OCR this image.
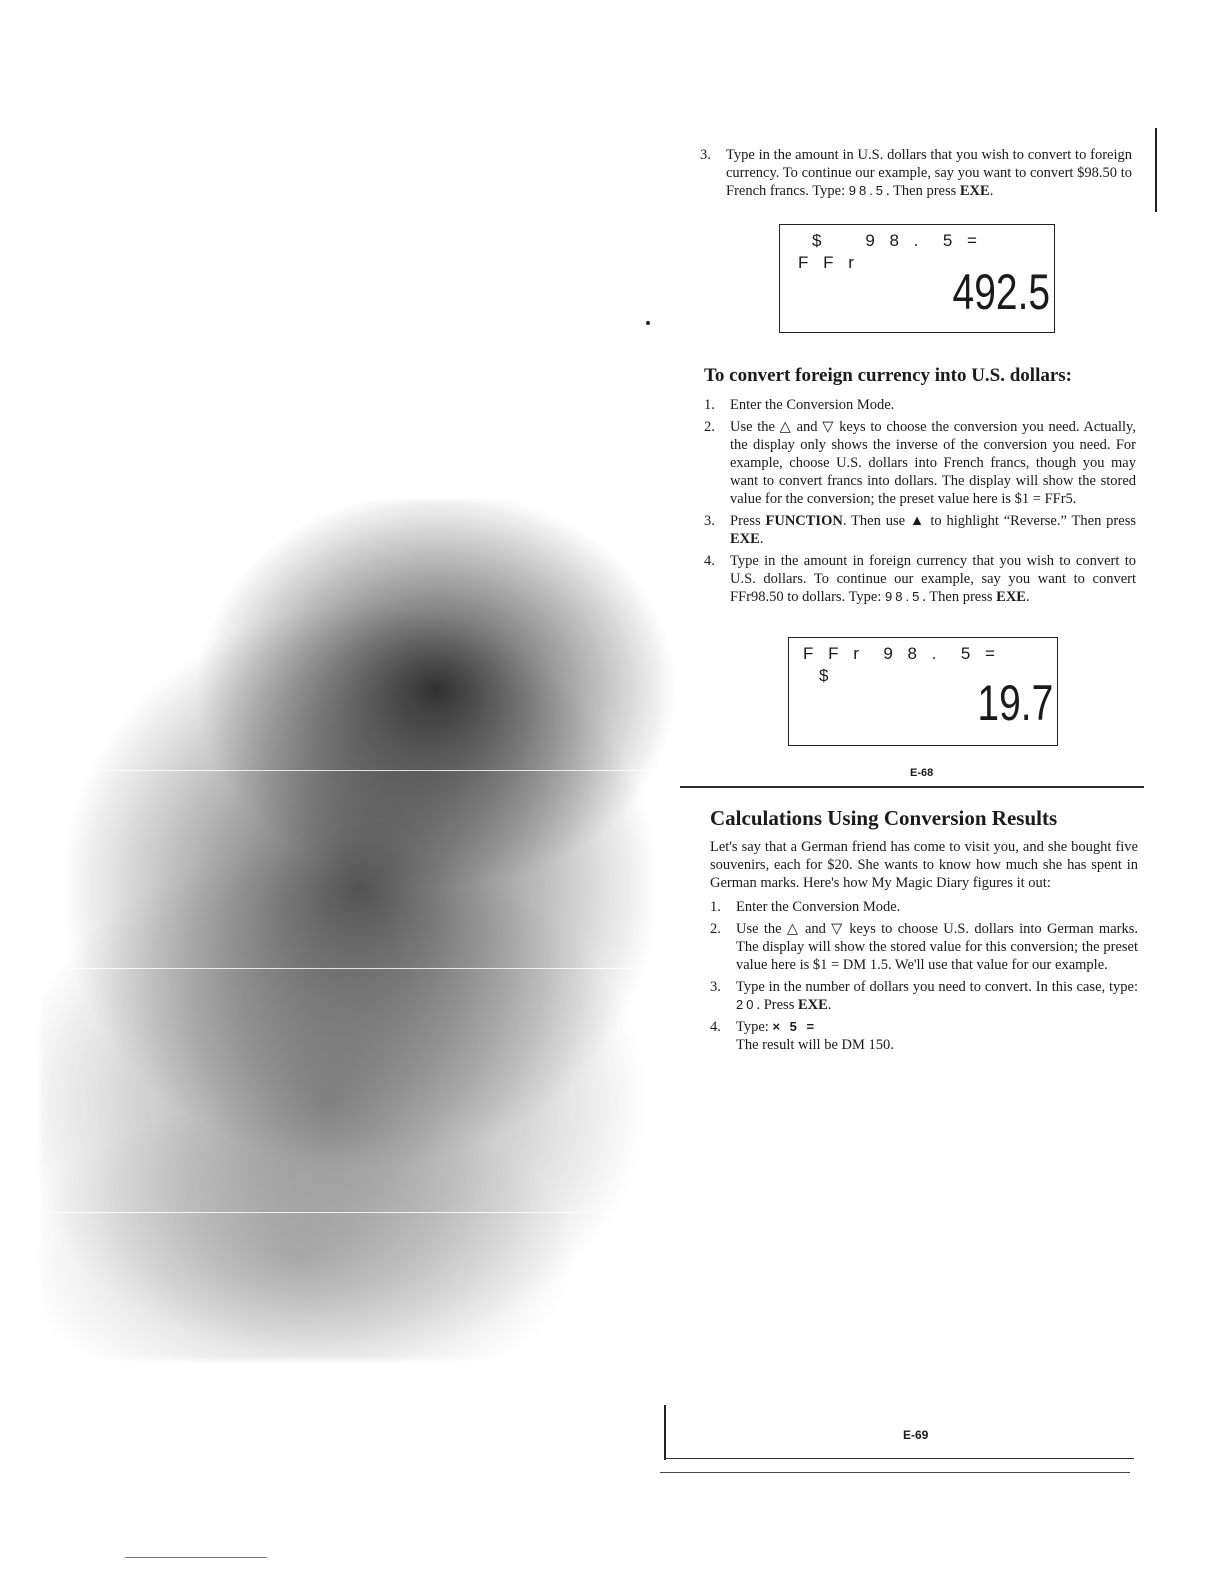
3. Type in the amount in U.S. dollars that you wish to convert to foreign currency. To continue our example, say you want to convert $98.50 to French francs. Type: 98.5. Then press EXE.
$    9 8 .  5 =
F F r
492.5
To convert foreign currency into U.S. dollars:
1. Enter the Conversion Mode.
2. Use the △ and ▽ keys to choose the conversion you need. Actually, the display only shows the inverse of the conversion you need. For example, choose U.S. dollars into French francs, though you may want to convert francs into dollars. The display will show the stored value for the conversion; the preset value here is $1 = FFr5.
3. Press FUNCTION. Then use ▲ to highlight “Reverse.” Then press EXE.
4. Type in the amount in foreign currency that you wish to convert to U.S. dollars. To continue our example, say you want to convert FFr98.50 to dollars. Type: 98.5. Then press EXE.
F F r  9 8 .  5 =
$	19.7
E-68
Calculations Using Conversion Results

Let's say that a German friend has come to visit you, and she bought five souvenirs, each for $20. She wants to know how much she has spent in German marks. Here's how My Magic Diary figures it out:

1. Enter the Conversion Mode.
2. Use the △ and ▽ keys to choose U.S. dollars into German marks. The display will show the stored value for this conversion; the preset value here is $1 = DM 1.5. We'll use that value for our example.
3. Type in the number of dollars you need to convert. In this case, type: 20. Press EXE.
4. Type: × 5 =
The result will be DM 150.
E-69
